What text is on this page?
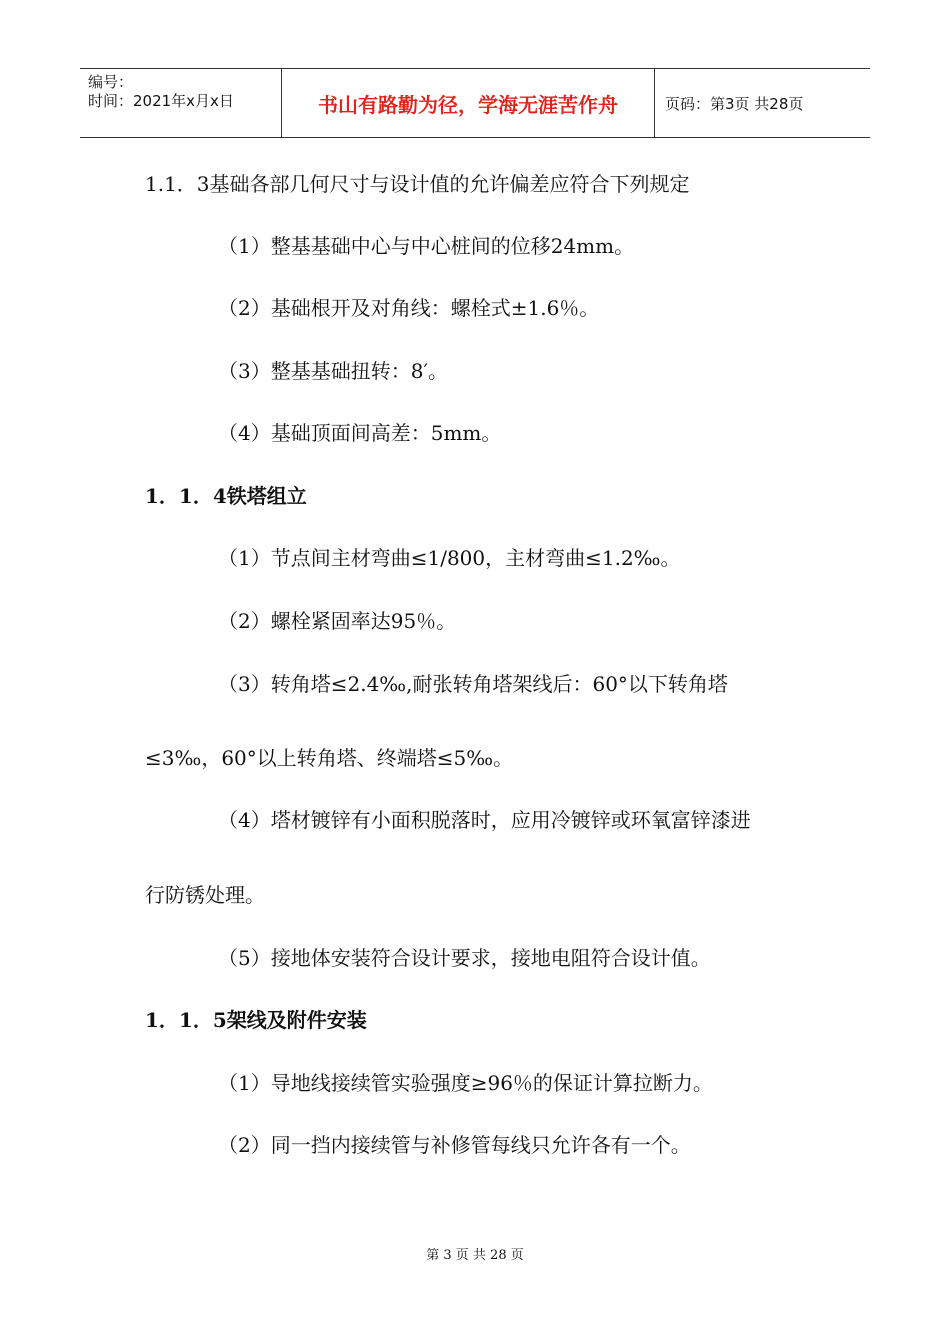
编号：
时间：2021年x月x日	书山有路勤为径，学海无涯苦作舟	页码：第3页 共28页
1.1．3基础各部几何尺寸与设计值的允许偏差应符合下列规定
（1）整基基础中心与中心桩间的位移24mm。
（2）基础根开及对角线：螺栓式±1.6％。
（3）整基基础扭转：8′。
（4）基础顶面间高差：5mm。
1．1．4铁塔组立
（1）节点间主材弯曲≤1/800，主材弯曲≤1.2‰。
（2）螺栓紧固率达95％。
（3）转角塔≤2.4‰,耐张转角塔架线后：60°以下转角塔
≤3‰，60°以上转角塔、终端塔≤5‰。
（4）塔材镀锌有小面积脱落时，应用冷镀锌或环氧富锌漆进
行防锈处理。
（5）接地体安装符合设计要求，接地电阻符合设计值。
1．1．5架线及附件安装
（1）导地线接续管实验强度≥96％的保证计算拉断力。
（2）同一挡内接续管与补修管每线只允许各有一个。
第 3 页 共 28 页
